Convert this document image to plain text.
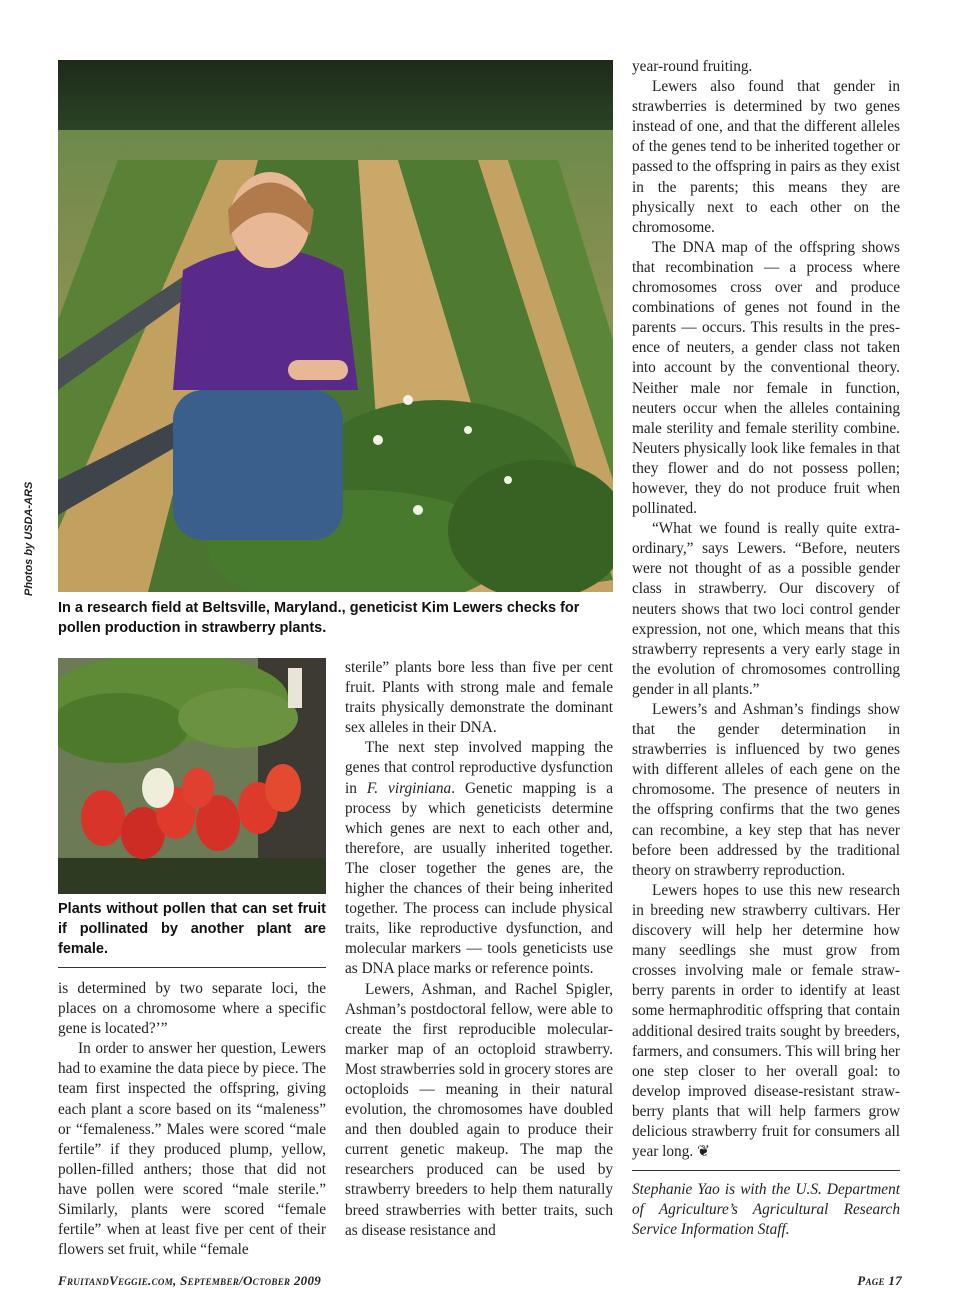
Photos by USDA-ARS
In a research field at Beltsville, Maryland., geneticist Kim Lewers checks for pollen production in strawberry plants.
Plants without pollen that can set fruit if pollinated by another plant are female.

is determined by two separate loci, the places on a chromosome where a specific gene is located?’”

In order to answer her question, Lewers had to examine the data piece by piece. The team first inspected the offspring, giving each plant a score based on its “maleness” or “femaleness.” Males were scored “male fertile” if they produced plump, yellow, pollen-filled anthers; those that did not have pollen were scored “male sterile.” Similarly, plants were scored “female fertile” when at least five per cent of their flowers set fruit, while “female

sterile” plants bore less than five per cent fruit. Plants with strong male and female traits physically demonstrate the dominant sex alleles in their DNA.

The next step involved mapping the genes that control reproductive dysfunction in F. virginiana. Genetic mapping is a process by which geneticists determine which genes are next to each other and, therefore, are usually inherited together. The closer together the genes are, the higher the chances of their being inherited together. The process can include physical traits, like reproductive dysfunction, and molecular markers — tools geneticists use as DNA place marks or reference points.

Lewers, Ashman, and Rachel Spigler, Ashman’s postdoctoral fellow, were able to create the first reproducible molecular-marker map of an octoploid strawberry. Most strawberries sold in grocery stores are octoploids — meaning in their natural evolution, the chromosomes have doubled and then doubled again to produce their current genetic makeup. The map the researchers produced can be used by strawberry breeders to help them naturally breed strawberries with better traits, such as disease resistance and

year-round fruiting.

Lewers also found that gender in strawberries is determined by two genes instead of one, and that the different alleles of the genes tend to be inherited together or passed to the offspring in pairs as they exist in the parents; this means they are physically next to each other on the chromosome.

The DNA map of the offspring shows that recombination — a process where chromosomes cross over and produce combinations of genes not found in the parents — occurs. This results in the presence of neuters, a gender class not taken into account by the conventional theory. Neither male nor female in function, neuters occur when the alleles containing male sterility and female sterility combine. Neuters physically look like females in that they flower and do not possess pollen; however, they do not produce fruit when pollinated.

“What we found is really quite extraordinary,” says Lewers. “Before, neuters were not thought of as a possible gender class in strawberry. Our discovery of neuters shows that two loci control gender expression, not one, which means that this strawberry represents a very early stage in the evolution of chromosomes controlling gender in all plants.”

Lewers’s and Ashman’s findings show that the gender determination in strawberries is influenced by two genes with different alleles of each gene on the chromosome. The presence of neuters in the offspring confirms that the two genes can recombine, a key step that has never before been addressed by the traditional theory on strawberry reproduction.

Lewers hopes to use this new research in breeding new strawberry cultivars. Her discovery will help her determine how many seedlings she must grow from crosses involving male or female strawberry parents in order to identify at least some hermaphroditic offspring that contain additional desired traits sought by breeders, farmers, and consumers. This will bring her one step closer to her overall goal: to develop improved disease-resistant strawberry plants that will help farmers grow delicious strawberry fruit for consumers all year long. ❦

Stephanie Yao is with the U.S. Department of Agriculture’s Agricultural Research Service Information Staff.
FruitandVeggie.com, September/October 2009	Page 17
